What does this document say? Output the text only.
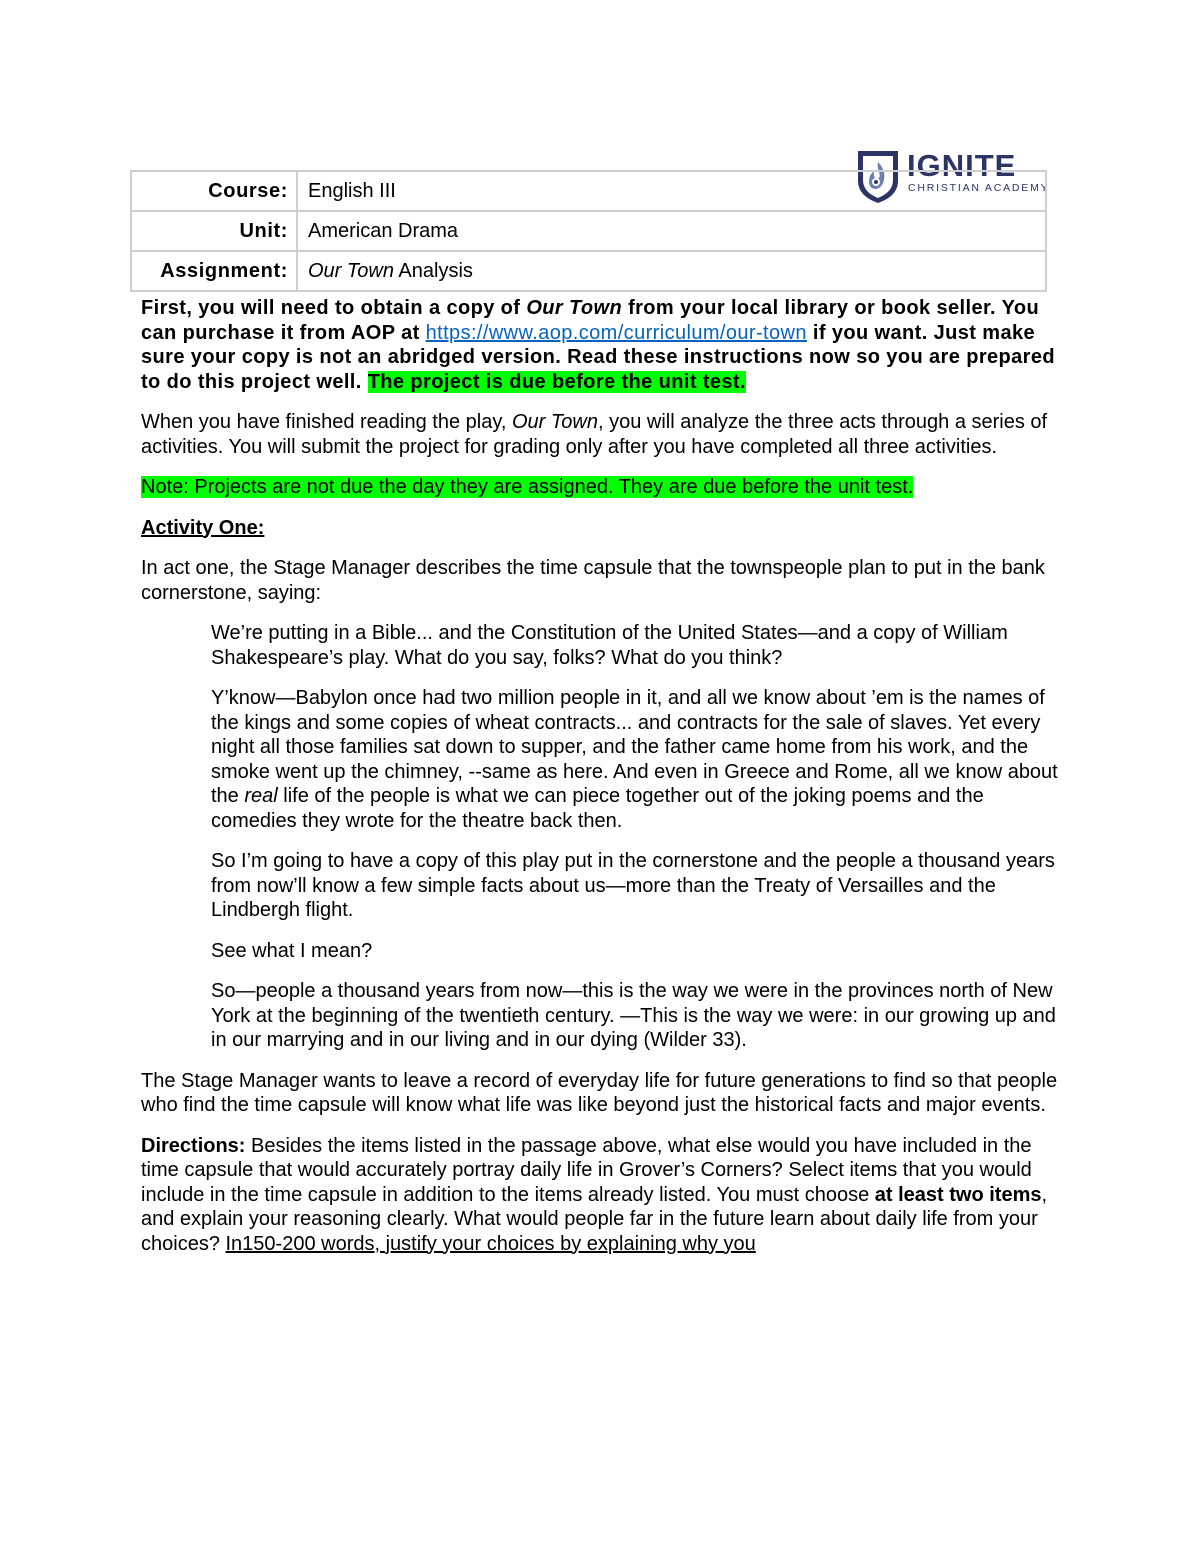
IGNITE
CHRISTIAN ACADEMY
Course:	English III
Unit:	American Drama
Assignment:	Our Town Analysis

First, you will need to obtain a copy of Our Town from your local library or book seller. You can purchase it from AOP at https://www.aop.com/curriculum/our-town if you want. Just make sure your copy is not an abridged version. Read these instructions now so you are prepared to do this project well. The project is due before the unit test.

When you have finished reading the play, Our Town, you will analyze the three acts through a series of activities. You will submit the project for grading only after you have completed all three activities.

Note: Projects are not due the day they are assigned. They are due before the unit test.

Activity One:

In act one, the Stage Manager describes the time capsule that the townspeople plan to put in the bank cornerstone, saying:

We’re putting in a Bible... and the Constitution of the United States—and a copy of William Shakespeare’s play. What do you say, folks? What do you think?

Y’know—Babylon once had two million people in it, and all we know about ’em is the names of the kings and some copies of wheat contracts... and contracts for the sale of slaves. Yet every night all those families sat down to supper, and the father came home from his work, and the smoke went up the chimney, --same as here. And even in Greece and Rome, all we know about the real life of the people is what we can piece together out of the joking poems and the comedies they wrote for the theatre back then.

So I’m going to have a copy of this play put in the cornerstone and the people a thousand years from now’ll know a few simple facts about us—more than the Treaty of Versailles and the Lindbergh flight.

See what I mean?

So—people a thousand years from now—this is the way we were in the provinces north of New York at the beginning of the twentieth century. —This is the way we were: in our growing up and in our marrying and in our living and in our dying (Wilder 33).

The Stage Manager wants to leave a record of everyday life for future generations to find so that people who find the time capsule will know what life was like beyond just the historical facts and major events.

Directions: Besides the items listed in the passage above, what else would you have included in the time capsule that would accurately portray daily life in Grover’s Corners? Select items that you would include in the time capsule in addition to the items already listed. You must choose at least two items, and explain your reasoning clearly. What would people far in the future learn about daily life from your choices? In150-200 words, justify your choices by explaining why you
